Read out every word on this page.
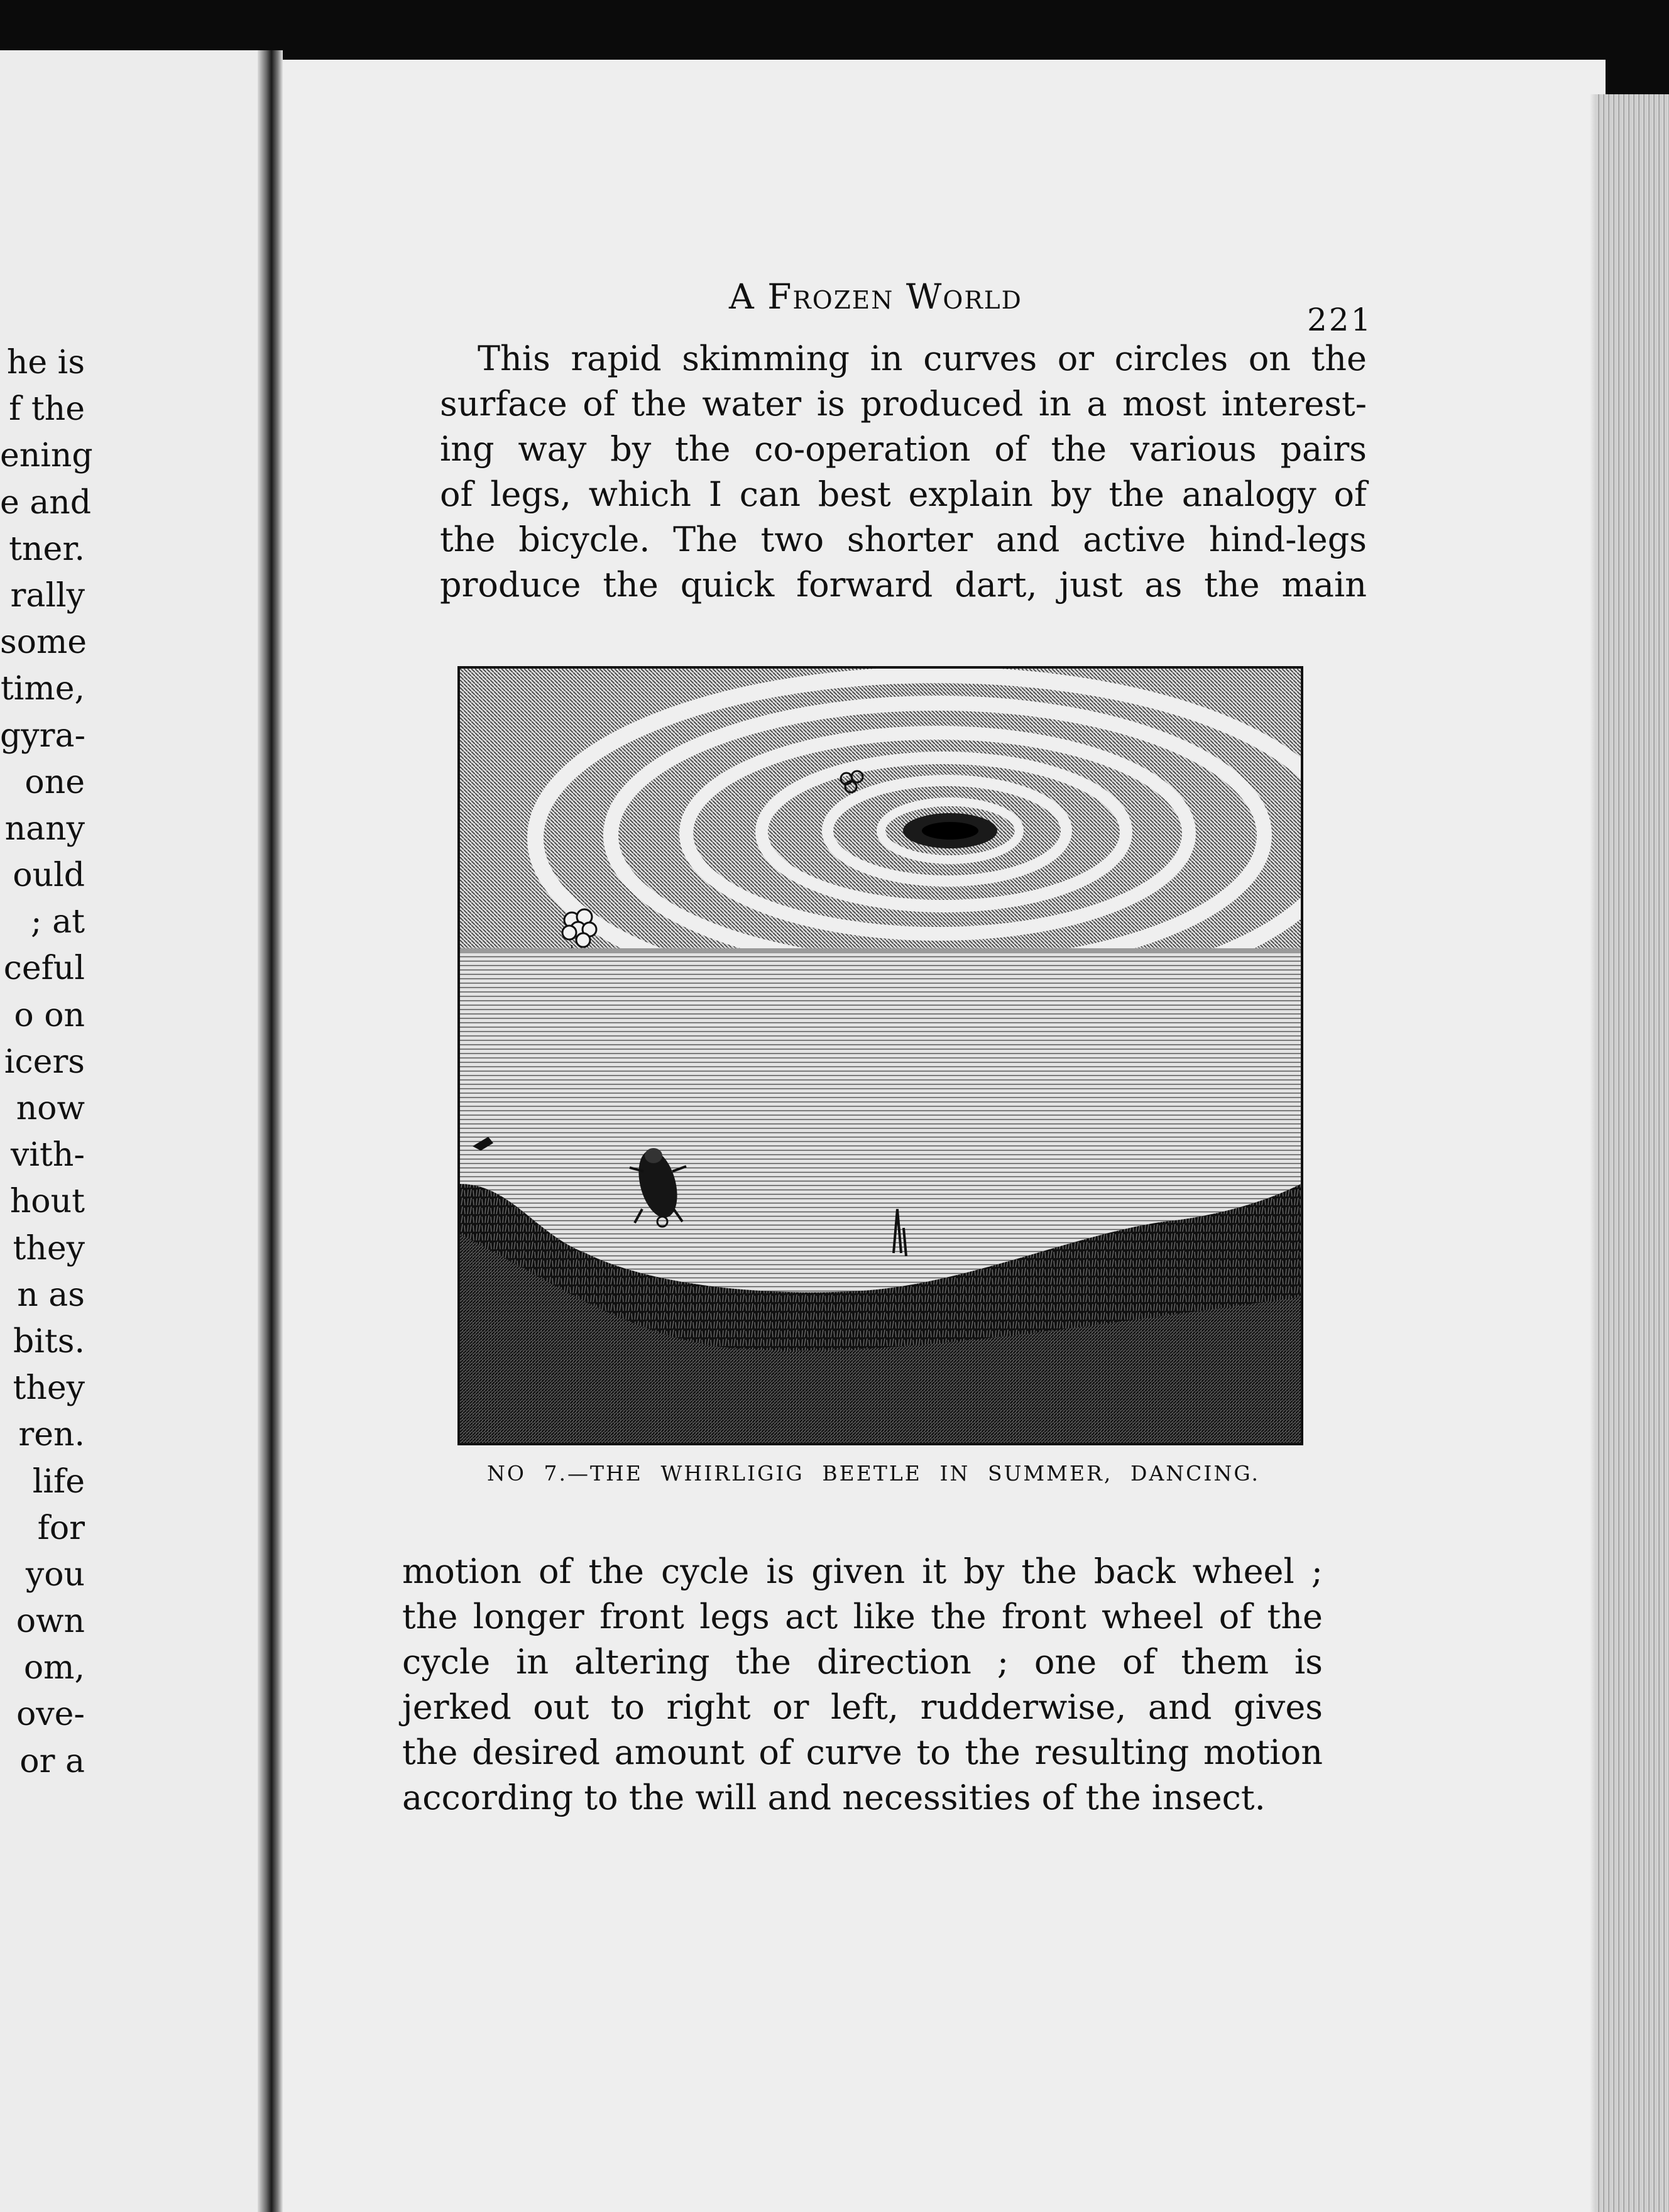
he is
f the
ening
e and
tner.
rally
some
time,
gyra-
one
nany
ould
; at
ceful
o on
icers
now
vith-
hout
they
n as
bits.
they
ren.
life
for
you
own
om,
ove-
or a
A Frozen World
221
This rapid skimming in curves or circles on the
surface of the water is produced in a most interest-
ing way by the co-operation of the various pairs
of legs, which I can best explain by the analogy of
the bicycle. The two shorter and active hind-legs
produce the quick forward dart, just as the main
NO 7.—THE WHIRLIGIG BEETLE IN SUMMER, DANCING.
motion of the cycle is given it by the back wheel ;
the longer front legs act like the front wheel of the
cycle in altering the direction ; one of them is
jerked out to right or left, rudderwise, and gives
the desired amount of curve to the resulting motion
according to the will and necessities of the insect.
